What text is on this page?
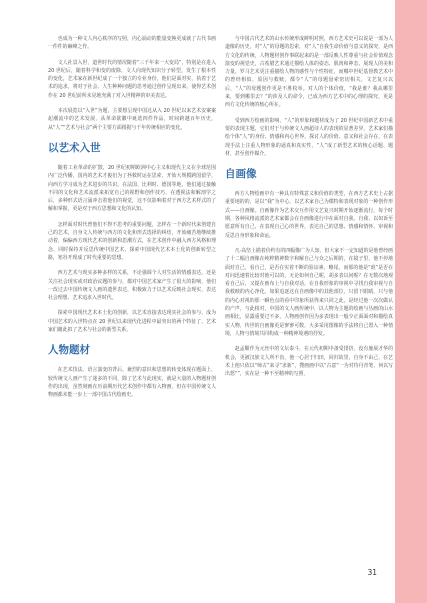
也成为一种文人内心秩序的写照，内心涌动的能量变换更成就了古代书画一件件的巅峰之作。

文人社景入世，道世时代的情况随着“三千年来一大变局”，特别是在进入 20 世纪后，随着科学和变的废除，文人向现代知识分子转型，发生了根本性的变化，艺术家在新世纪成了一个独立的专业身份，他们是面对实，执着于艺术的追求，将对于社会、人生种种问题的思考通过创作呈现出来，使得艺术创作在 20 世纪前所未见地充满了对入世精神的审美表达。

本次展览以“入世”为题，主要想呈现中国这从入 20 世纪以来艺术安案案起潮流中的艺术发展，从革命欲徽中诞选四件作品，时间跨越百年历史，从“人”“艺术与社会”两个主要方面根据与千年传统相应的变化。

以艺术入世

随着工业革命的扩散，20 世纪初期欧洲中心主义和现代主义在全球范围内广泛传播，国内的艺术才俊们为了拯救时运在思索，开始大规模跨国留学，向西方学习成为艺术进步的共识。在法国、比利时、德国等地，他们通过接触不同的文化和艺术流派来拓宽自己的视野和创作技巧，在透视法和解剖学之后，多种形式语言涌冲击着他们的视觉，这不仅影响着对于西方艺术样式的了解和掌握，更是对于西方思想和文化的认知。

怎样面对时代曾他们不得不思考的重要问题，怎样在一个新时代来创建自己的艺术，自身文人传统与西方的文化和形式选择的纠结，开始痛苦地继续推动着，偏偏西方现代艺术的创新和思潮方式，在艺术创作中融入西方风格和理念，同时保持并反思传统中国艺术，探索中国现代艺术本土化的创新转型之路，寒谷开现成了时代重要的思想。

西方艺术与现实多种多样的关系，不论强调个人对生活的情感表达，还是关注社会现实或对政治议题的参与，都对中国艺术家产生了很大的影响，他们一改过去中国传统文人画的遗世表达，积极致力于以艺术反映社会现实，表达社会理想，艺术追求入世时代。

探索中国现代艺术本土化的创新，以艺术直接表达现实社会的参与，成为中国艺术的入世特点在 20 世纪以来现代化进程中最突出的两个特征了，艺术家们藉此拟了艺术与社会的新型关系。

人物题材

在艺术技法、语言演变的背后，兼烈的意识和思想的转变体现在题面上，较传统文人画产生了迷多的不同，除了艺术与此现实，就是大量的入物题材创作的出现，虽然刻画在历前期历代艺术创作中都有入物画，但在中国传统文人物画都未能一步上一部中国古代绘画史。

与中国古代艺术的山水传统形成鲜明对照，西方艺术史可以说是一部为人道像的历史，对“人”的母题的思索，对“人”自我生命价值与意义的探究，是西方文化的传统，人物题材创作事联起来的是一部反映人性尊重与社会价值观念演变的视觉史，古希腊艺术通过描绘人体的姿态、肌肉和神态，展现人的美和力量，罗马艺术更注重描绘人物的感性与个性特征，而哪中世纪基督教艺术中的曾经相似，原因与救赎，都令“人”的母题悬索密切相关，文艺复兴以后，“人”的母题创作更是不胜枚举。对人的个体价值，“我是谁？我从哪里来，要到哪里去？”的涉及人的命令，已成为西方艺术中的心理的探究，更是西方文化传统的核心所在。

受到西方绘画的影响，“人”的形象和题材成为了 20 世纪中国新艺术中重要的表现主题，它们对于与传统文人画超诗人的表现的显著差异，艺术家们描绘个体“人”的身份、情感和内心世界，探讨人的价值、意义和社会存在，在表现手法上注重人物形象的逼真和真实性，“人”成了新型艺术的核心话题、题材，甚至创作媒介。

自画像

西方人物绘画中有一种具有特殊意义和价值的类型，在西方艺术史上占据重要地的的，是以“我”为中心，以艺术家自己为模特和表现对象的一种创作形式——自画像。自画像作为艺术交互作用文艺复兴时期开始逐渐流行，每个时期，各种风格流派的艺术家都会在自画像进行中在面对自我、自我，以如诉至愿意所有自己，在表现自己心的世界，表达自己的思想、情感和情怀、审视和反思自身形象和命运。

凡·高坚上描着价约有的四幅像广为人知，但大家不一定知道的是他曾经画了十二幅自画像在纯粹精神数字和解自己与众之后期的，在镜子里，他不停地面对自己，看自己，是否在实着不断的验证素，略尾，而那的他是“谁”是否在对问迅速着比较对他可以的，无论如何自己呢，胡多表以问呢？在无数次地观看自己后，又提在画布上与自我对话，在自我形象的审视中寻找自我审视与自我救赎的内心净化，如果追逐这在自画像中的其他部位，只留下眼睛，只与他的内心对视的那一瞬色点的看中印象所获得来只同之此，是经过他一次次做认的产声，与此相对，中国的文人画传统中，以人物为主题的绘画与丛画的山水画相比，显露重要过不多，人物画创作因为多表现出一般少正面面对和描绘真实人物，传世的自画像更是寥寥可数，大多采用图像的手法将自己置入一种情境，人物与情境共同构成一种精神境遇的抒发。

赵孟頫作为元丝中的文坛泰斗，在元代初期中备受排挤，没有施展才华的机会，更被汉族文人所不齿，他一心居于归田，回归故里，自身不由己，在艺术上他只依以“师古”来寻“求新”，搜画画中以“古意”一为对待丹青笔，何以写出怒“”，实在是一种不至精神的写照，

31
